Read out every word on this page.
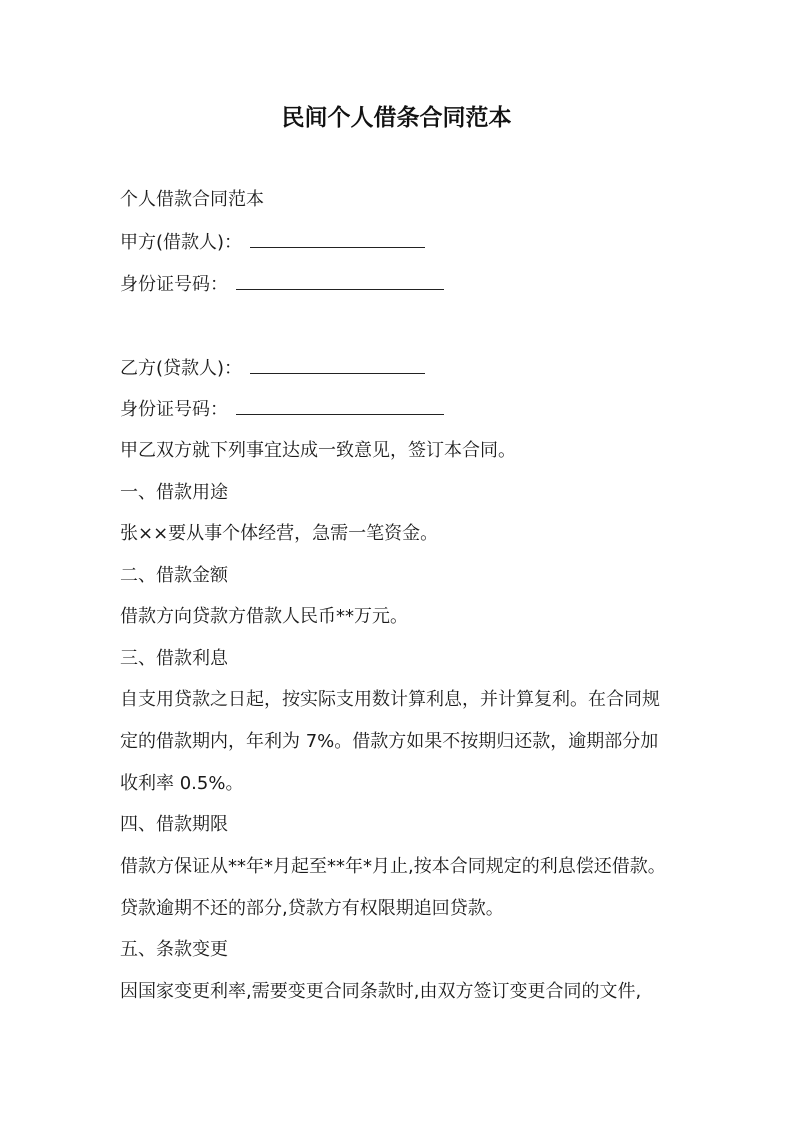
民间个人借条合同范本
个人借款合同范本
甲方(借款人)：
身份证号码：
乙方(贷款人)：
身份证号码：
甲乙双方就下列事宜达成一致意见，签订本合同。
一、借款用途
张××要从事个体经营，急需一笔资金。
二、借款金额
借款方向贷款方借款人民币**万元。
三、借款利息
自支用贷款之日起，按实际支用数计算利息，并计算复利。在合同规
定的借款期内，年利为 7%。借款方如果不按期归还款，逾期部分加
收利率 0.5%。
四、借款期限
借款方保证从**年*月起至**年*月止,按本合同规定的利息偿还借款。
贷款逾期不还的部分,贷款方有权限期追回贷款。
五、条款变更
因国家变更利率,需要变更合同条款时,由双方签订变更合同的文件,
